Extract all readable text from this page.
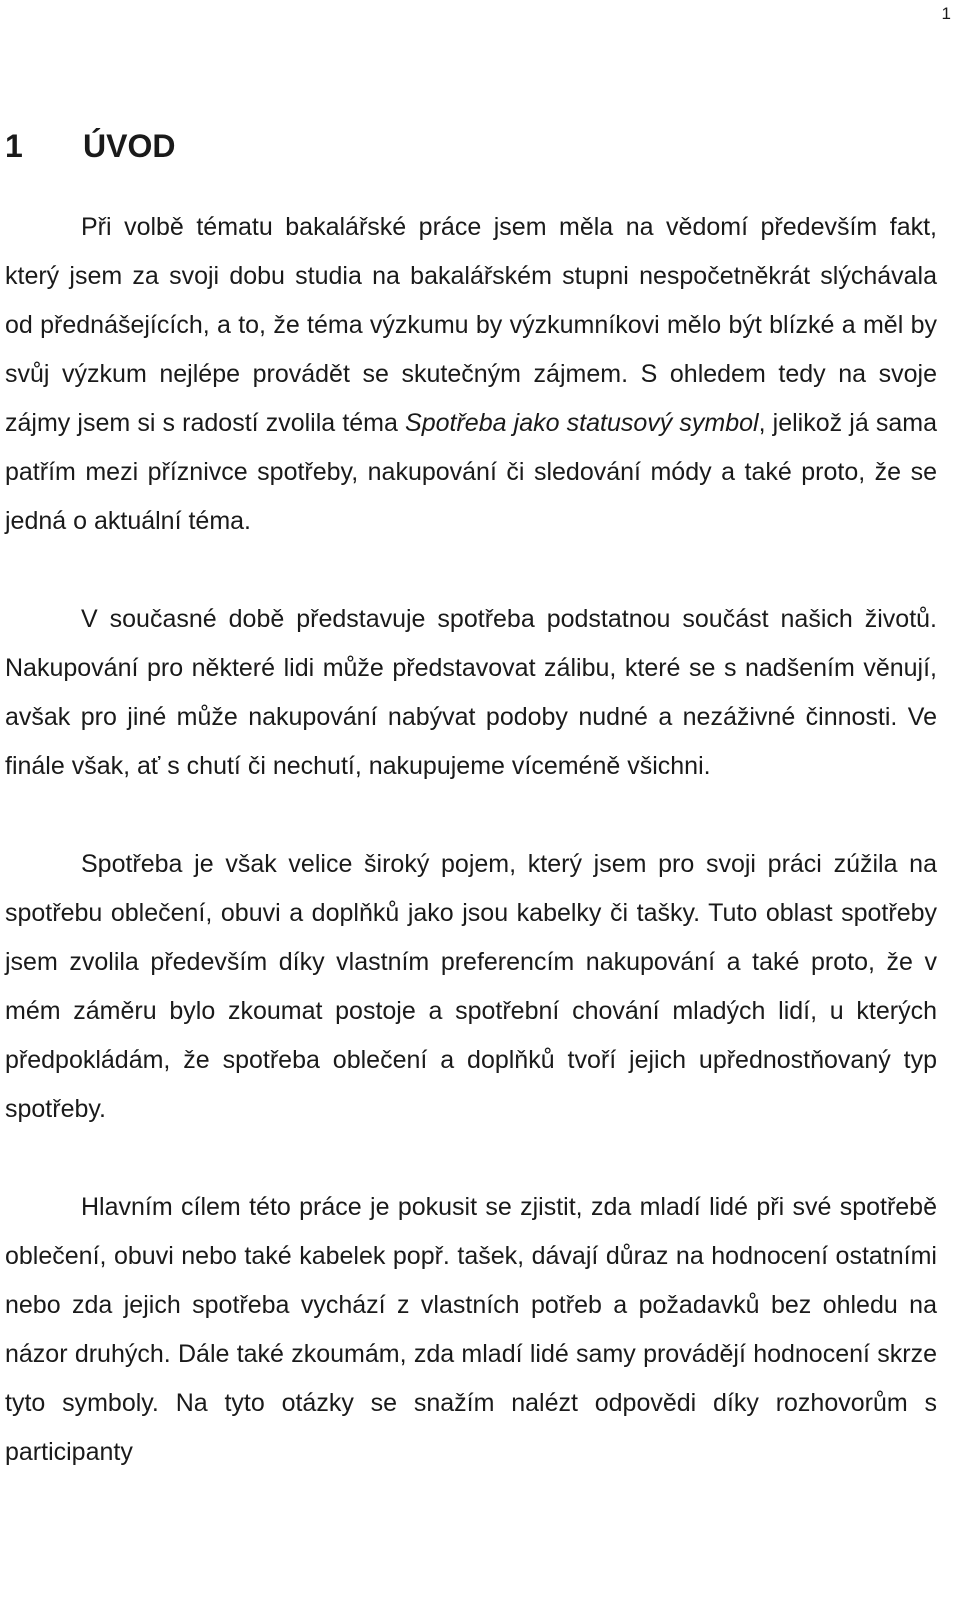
1
1 ÚVOD

Při volbě tématu bakalářské práce jsem měla na vědomí především fakt, který jsem za svoji dobu studia na bakalářském stupni nespočetněkrát slýchávala od přednášejících, a to, že téma výzkumu by výzkumníkovi mělo být blízké a měl by svůj výzkum nejlépe provádět se skutečným zájmem. S ohledem tedy na svoje zájmy jsem si s radostí zvolila téma Spotřeba jako statusový symbol, jelikož já sama patřím mezi příznivce spotřeby, nakupování či sledování módy a také proto, že se jedná o aktuální téma.

V současné době představuje spotřeba podstatnou součást našich životů. Nakupování pro některé lidi může představovat zálibu, které se s nadšením věnují, avšak pro jiné může nakupování nabývat podoby nudné a nezáživné činnosti. Ve finále však, ať s chutí či nechutí, nakupujeme víceméně všichni.

Spotřeba je však velice široký pojem, který jsem pro svoji práci zúžila na spotřebu oblečení, obuvi a doplňků jako jsou kabelky či tašky. Tuto oblast spotřeby jsem zvolila především díky vlastním preferencím nakupování a také proto, že v mém záměru bylo zkoumat postoje a spotřební chování mladých lidí, u kterých předpokládám, že spotřeba oblečení a doplňků tvoří jejich upřednostňovaný typ spotřeby.

Hlavním cílem této práce je pokusit se zjistit, zda mladí lidé při své spotřebě oblečení, obuvi nebo také kabelek popř. tašek, dávají důraz na hodnocení ostatními nebo zda jejich spotřeba vychází z vlastních potřeb a požadavků bez ohledu na názor druhých. Dále také zkoumám, zda mladí lidé samy provádějí hodnocení skrze tyto symboly. Na tyto otázky se snažím nalézt odpovědi díky rozhovorům s participanty
